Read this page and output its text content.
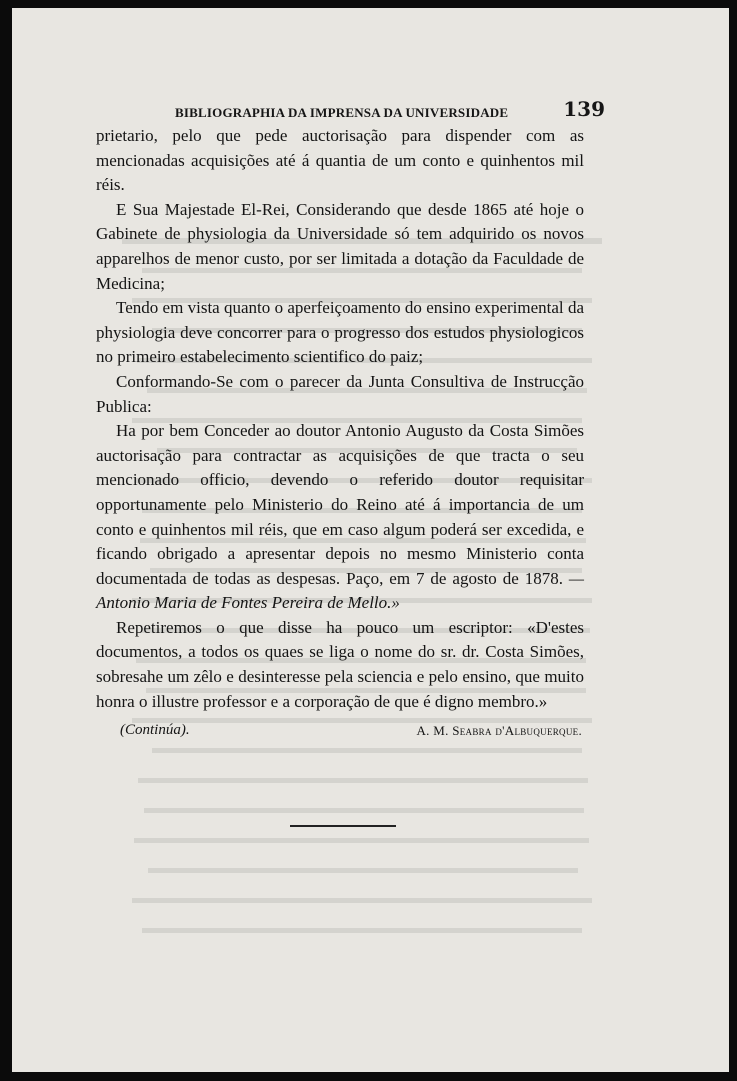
BIBLIOGRAPHIA DA IMPRENSA DA UNIVERSIDADE	139

prietario, pelo que pede auctorisação para dispender com as mencionadas acquisições até á quantia de um conto e quinhentos mil réis.

E Sua Majestade El-Rei, Considerando que desde 1865 até hoje o Gabinete de physiologia da Universidade só tem adquirido os novos apparelhos de menor custo, por ser limitada a dotação da Faculdade de Medicina;

Tendo em vista quanto o aperfeiçoamento do ensino experimental da physiologia deve concorrer para o progresso dos estudos physiologicos no primeiro estabelecimento scientifico do paiz;

Conformando-Se com o parecer da Junta Consultiva de Instrucção Publica:

Ha por bem Conceder ao doutor Antonio Augusto da Costa Simões auctorisação para contractar as acquisições de que tracta o seu mencionado officio, devendo o referido doutor requisitar opportunamente pelo Ministerio do Reino até á importancia de um conto e quinhentos mil réis, que em caso algum poderá ser excedida, e ficando obrigado a apresentar depois no mesmo Ministerio conta documentada de todas as despesas. Paço, em 7 de agosto de 1878. — Antonio Maria de Fontes Pereira de Mello.»

Repetiremos o que disse ha pouco um escriptor: «D'estes documentos, a todos os quaes se liga o nome do sr. dr. Costa Simões, sobresahe um zêlo e desinteresse pela sciencia e pelo ensino, que muito honra o illustre professor e a corporação de que é digno membro.»

(Continúa).	A. M. Seabra d'Albuquerque.
